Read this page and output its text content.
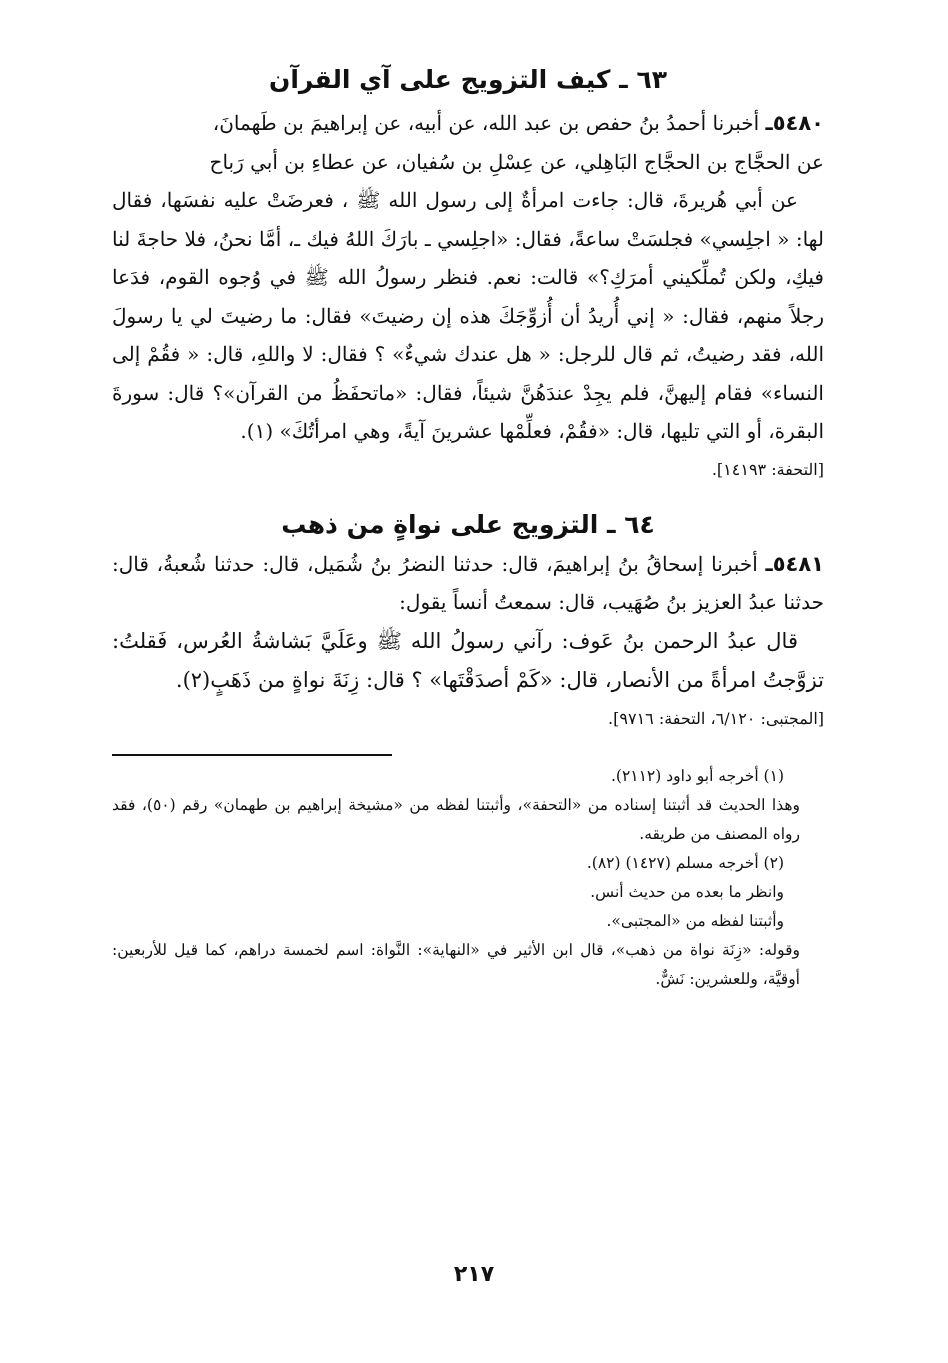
٦٣ ـ كيف التزويج على آي القرآن

٥٤٨٠ـ أخبرنا أحمدُ بنُ حفص بن عبد الله، عن أبيه، عن إبراهيمَ بن طَهمانَ،
عن الحجَّاج بن الحجَّاج البَاهِلي، عن عِسْلِ بن سُفيان، عن عطاءِ بن أبي رَباح
عن أبي هُريرةَ، قال: جاءت امرأةٌ إلى رسول الله ﷺ ، فعرضَتْ عليه نفسَها، فقال لها: « اجلِسي» فجلسَتْ ساعةً، فقال: «اجلِسي ـ بارَكَ اللهُ فيك ـ، أمَّا نحنُ، فلا حاجةَ لنا فيكِ، ولكن تُملِّكيني أمرَكِ؟» قالت: نعم. فنظر رسولُ الله ﷺ في وُجوه القوم، فدَعا رجلاً منهم، فقال: « إني أُريدُ أن أُزوِّجَكَ هذه إن رضيتَ» فقال: ما رضيتَ لي يا رسولَ الله، فقد رضيتُ، ثم قال للرجل: « هل عندك شيءٌ» ؟ فقال: لا واللهِ، قال: « فقُمْ إلى النساء» فقام إليهنَّ، فلم يجِدْ عندَهُنَّ شيئاً، فقال: «ماتحفَظُ من القرآن»؟ قال: سورةَ البقرة، أو التي تليها، قال: «فقُمْ، فعلِّمْها عشرينَ آيةً، وهي امرأتُكَ» (١).

[التحفة: ١٤١٩٣].
٦٤ ـ التزويج على نواةٍ من ذهب

٥٤٨١ـ أخبرنا إسحاقُ بنُ إبراهيمَ، قال: حدثنا النضرُ بنُ شُمَيل، قال: حدثنا شُعبةُ، قال: حدثنا عبدُ العزيز بنُ صُهَيب، قال: سمعتُ أنساً يقول:
قال عبدُ الرحمن بنُ عَوف: رآني رسولُ الله ﷺ وعَلَيَّ بَشاشةُ العُرس، فَقلتُ: تزوَّجتُ امرأةً من الأنصار، قال: «كَمْ أصدَقْتَها» ؟ قال: زِنَةَ نواةٍ من ذَهَبٍ(٢).

[المجتبى: ٦/١٢٠، التحفة: ٩٧١٦].
(١) أخرجه أبو داود (٢١١٢).
وهذا الحديث قد أثبتنا إسناده من «التحفة»، وأثبتنا لفظه من «مشيخة إبراهيم بن طهمان» رقم (٥٠)، فقد رواه المصنف من طريقه.
(٢) أخرجه مسلم (١٤٢٧) (٨٢).
وانظر ما بعده من حديث أنس.
وأثبتنا لفظه من «المجتبى».
وقوله: «زِنَة نواة من ذهب»، قال ابن الأثير في «النهاية»: النَّواة: اسم لخمسة دراهم، كما قيل للأربعين: أوقيَّة، وللعشرين: نَشٌّ.
٢١٧
